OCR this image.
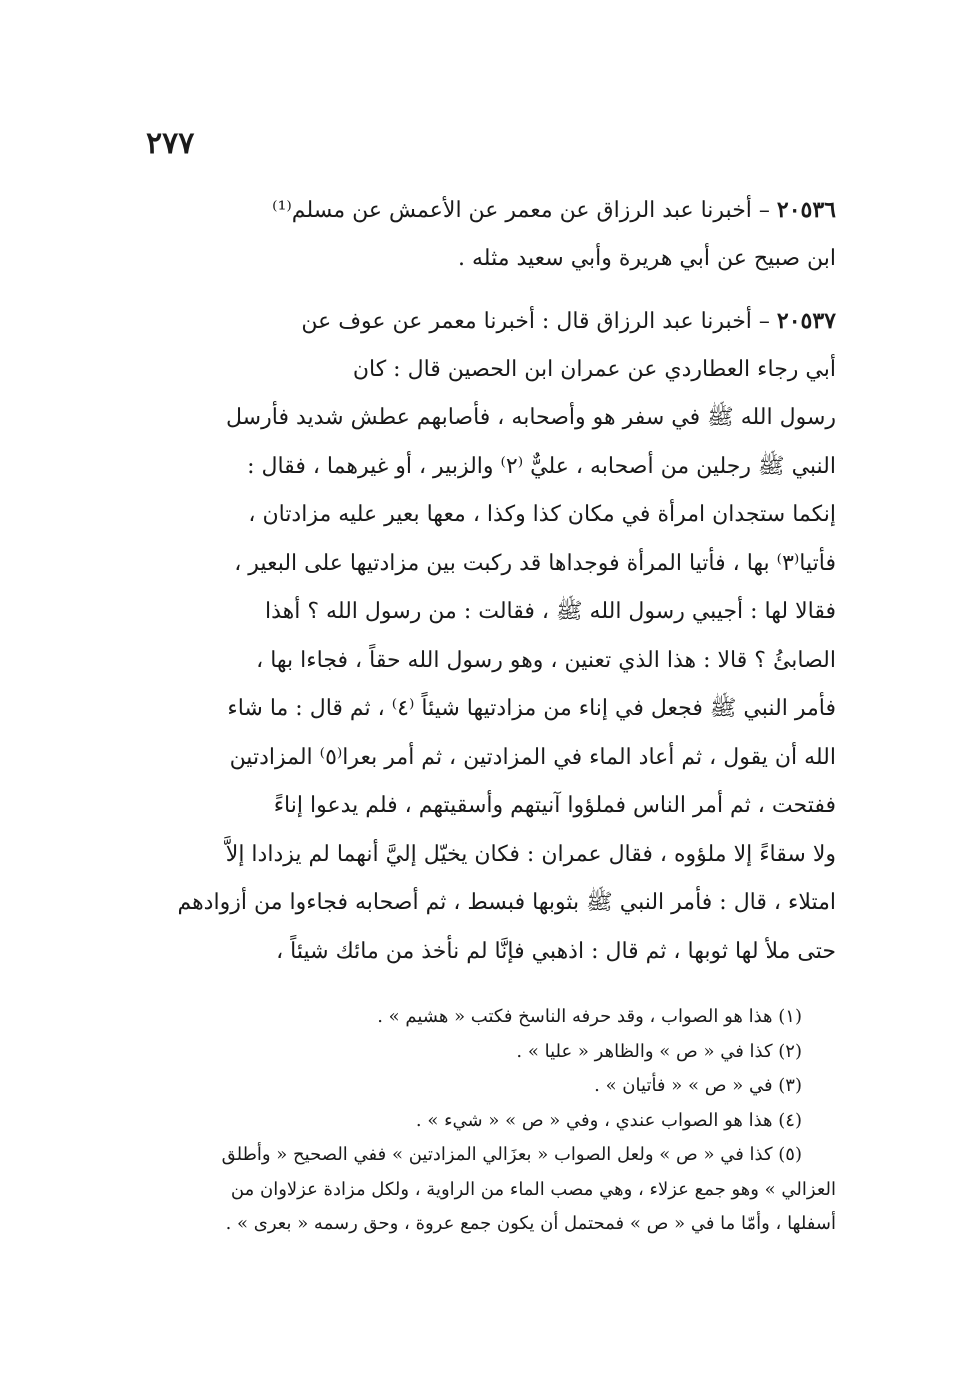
٢٧٧
٢٠٥٣٦ – أخبرنا عبد الرزاق عن معمر عن الأعمش عن مسلم⁽¹⁾
ابن صبيح عن أبي هريرة وأبي سعيد مثله .
٢٠٥٣٧ – أخبرنا عبد الرزاق قال : أخبرنا معمر عن عوف عن
أبي رجاء العطاردي عن عمران ابن الحصين قال : كان
رسول الله ﷺ في سفر هو وأصحابه ، فأصابهم عطش شديد فأرسل
النبي ﷺ رجلين من أصحابه ، عليٌّ ⁽٢⁾ والزبير ، أو غيرهما ، فقال :
إنكما ستجدان امرأة في مكان كذا وكذا ، معها بعير عليه مزادتان ،
فأتيا⁽٣⁾ بها ، فأتيا المرأة فوجداها قد ركبت بين مزادتيها على البعير ،
فقالا لها : أجيبي رسول الله ﷺ ، فقالت : من رسول الله ؟ أهذا
الصابئُ ؟ قالا : هذا الذي تعنين ، وهو رسول الله حقاً ، فجاءا بها ،
فأمر النبي ﷺ فجعل في إناء من مزادتيها شيئاً ⁽٤⁾ ، ثم قال : ما شاء
الله أن يقول ، ثم أعاد الماء في المزادتين ، ثم أمر بعرا⁽٥⁾ المزادتين
ففتحت ، ثم أمر الناس فملؤوا آنيتهم وأسقيتهم ، فلم يدعوا إناءً
ولا سقاءً إلا ملؤوه ، فقال عمران : فكان يخيّل إليَّ أنهما لم يزدادا إلاَّ
امتلاء ، قال : فأمر النبي ﷺ بثوبها فبسط ، ثم أصحابه فجاءوا من أزوادهم
حتى ملأ لها ثوبها ، ثم قال : اذهبي فإنَّا لم نأخذ من مائك شيئاً ،
(١) هذا هو الصواب ، وقد حرفه الناسخ فكتب « هشيم » .
(٢) كذا في « ص » والظاهر « عليا » .
(٣) في « ص » « فأتيان » .
(٤) هذا هو الصواب عندي ، وفي « ص » « شيء » .
(٥) كذا في « ص » ولعل الصواب « بعزَالي المزادتين » ففي الصحيح « وأطلق
العزالي » وهو جمع عزلاء ، وهي مصب الماء من الراوية ، ولكل مزادة عزلاوان من
أسفلها ، وأمّا ما في « ص » فمحتمل أن يكون جمع عروة ، وحق رسمه « بعرى » .
